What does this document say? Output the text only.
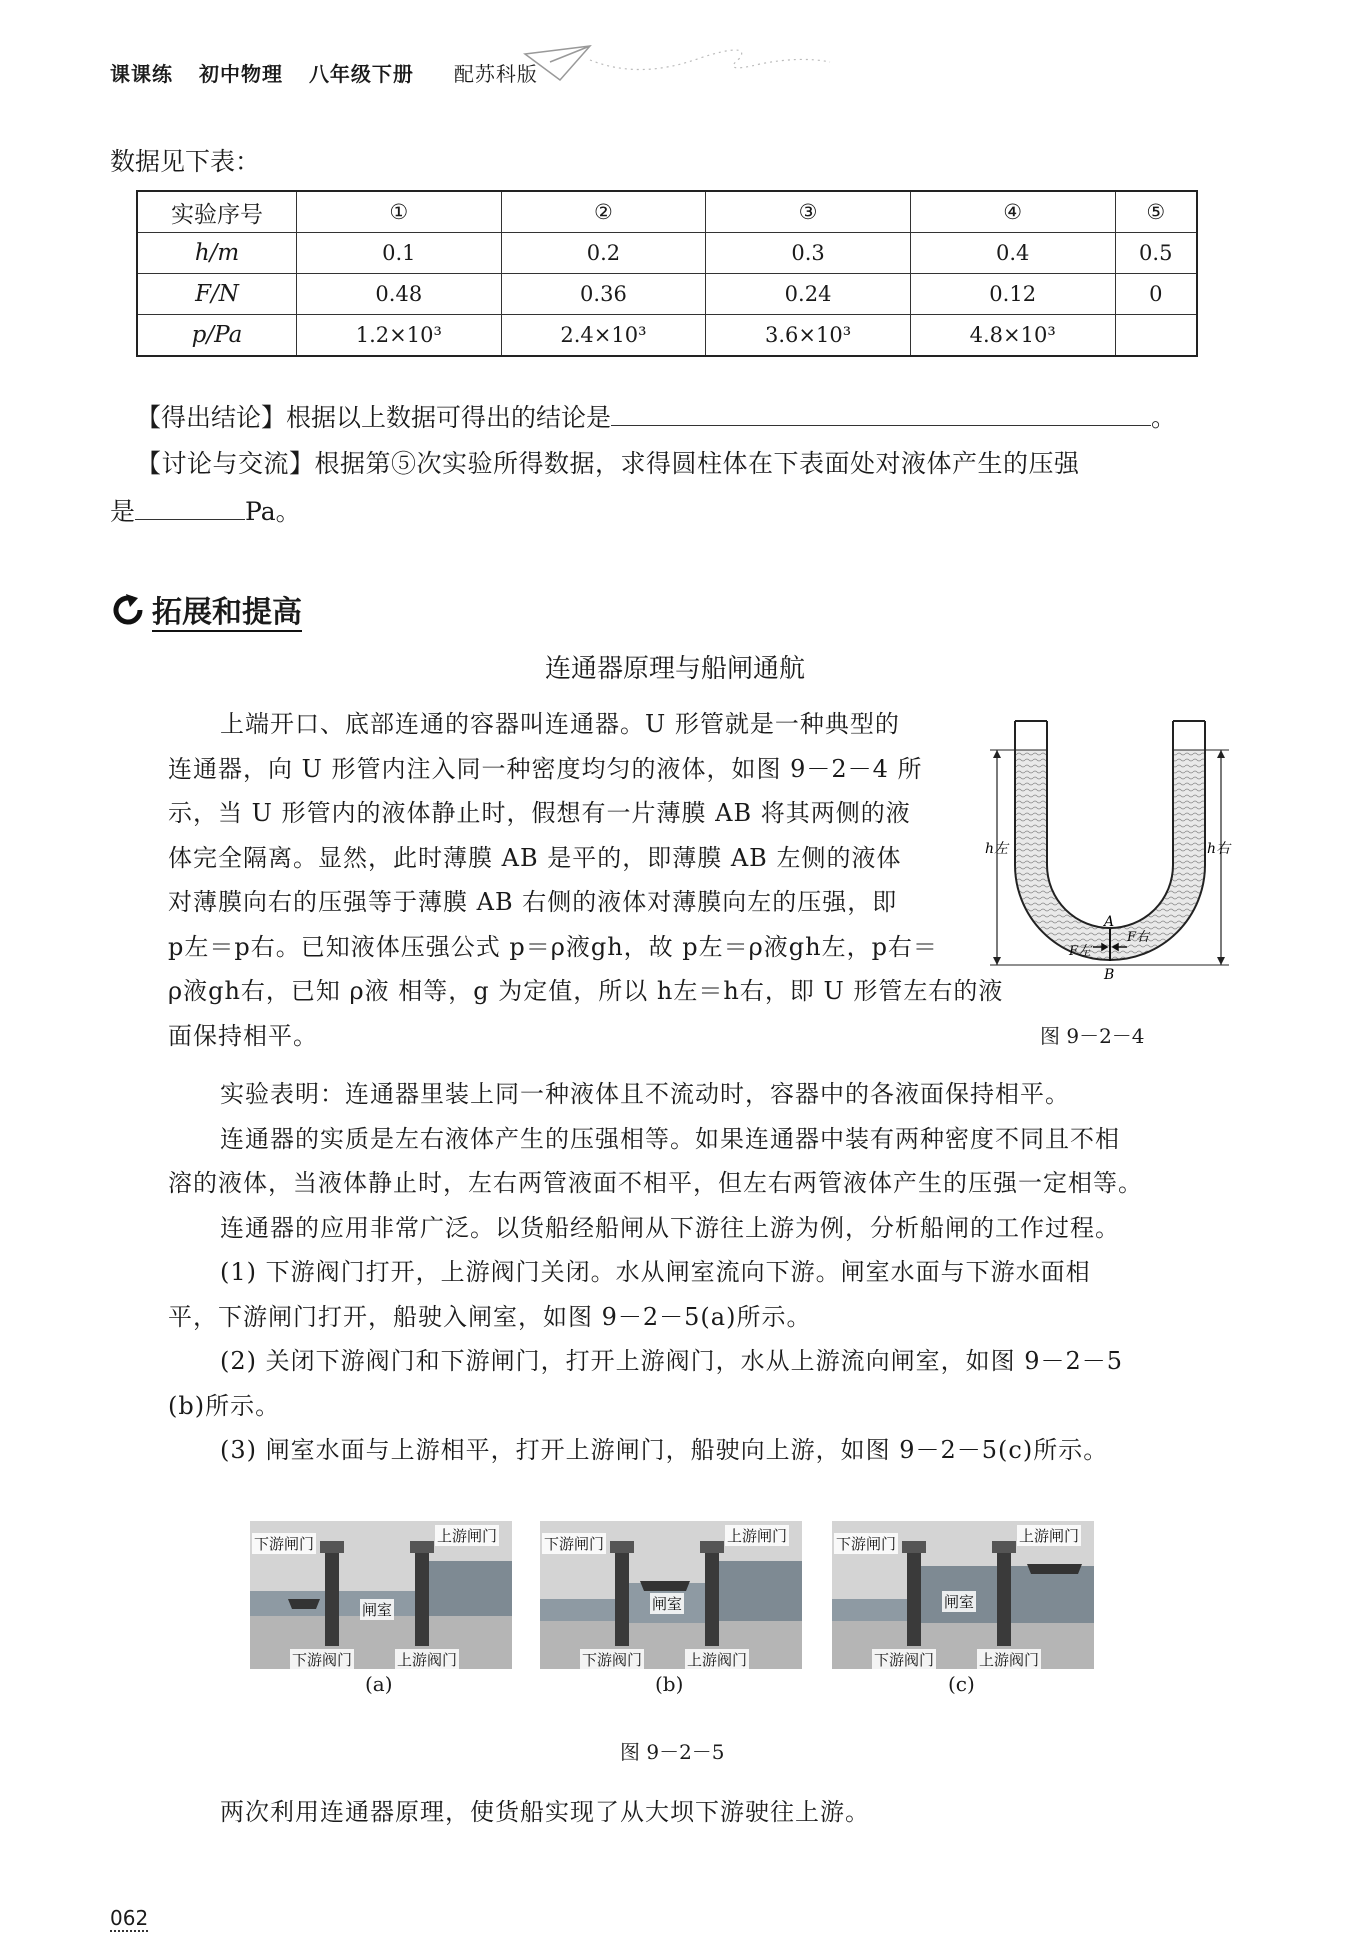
课课练 初中物理 八年级下册 配苏科版
数据见下表：
实验序号	①	②	③	④	⑤
h/m	0.1	0.2	0.3	0.4	0.5
F/N	0.48	0.36	0.24	0.12	0
p/Pa	1.2×10³	2.4×10³	3.6×10³	4.8×10³	
【得出结论】根据以上数据可得出的结论是	。
【讨论与交流】根据第⑤次实验所得数据，求得圆柱体在下表面处对液体产生的压强
是	Pa。
拓展和提高
连通器原理与船闸通航
上端开口、底部连通的容器叫连通器。U 形管就是一种典型的
连通器，向 U 形管内注入同一种密度均匀的液体，如图 9－2－4 所
示，当 U 形管内的液体静止时，假想有一片薄膜 AB 将其两侧的液
体完全隔离。显然，此时薄膜 AB 是平的，即薄膜 AB 左侧的液体
对薄膜向右的压强等于薄膜 AB 右侧的液体对薄膜向左的压强，即
p左＝p右。已知液体压强公式 p＝ρ液gh，故 p左＝ρ液gh左，p右＝
ρ液gh右，已知 ρ液 相等，g 为定值，所以 h左＝h右，即 U 形管左右的液
面保持相平。
h左	h右
A
B
F左
F右
图 9－2－4
实验表明：连通器里装上同一种液体且不流动时，容器中的各液面保持相平。
连通器的实质是左右液体产生的压强相等。如果连通器中装有两种密度不同且不相
溶的液体，当液体静止时，左右两管液面不相平，但左右两管液体产生的压强一定相等。
连通器的应用非常广泛。以货船经船闸从下游往上游为例，分析船闸的工作过程。
(1) 下游阀门打开，上游阀门关闭。水从闸室流向下游。闸室水面与下游水面相
平，下游闸门打开，船驶入闸室，如图 9－2－5(a)所示。
(2) 关闭下游阀门和下游闸门，打开上游阀门，水从上游流向闸室，如图 9－2－5
(b)所示。
(3) 闸室水面与上游相平，打开上游闸门，船驶向上游，如图 9－2－5(c)所示。
下游闸门	上游闸门
闸室
下游阀门	上游阀门
下游闸门	上游闸门
闸室
下游阀门	上游阀门
下游闸门	上游闸门
闸室
下游阀门	上游阀门
(a)	(b)	(c)
图 9－2－5
两次利用连通器原理，使货船实现了从大坝下游驶往上游。
062
